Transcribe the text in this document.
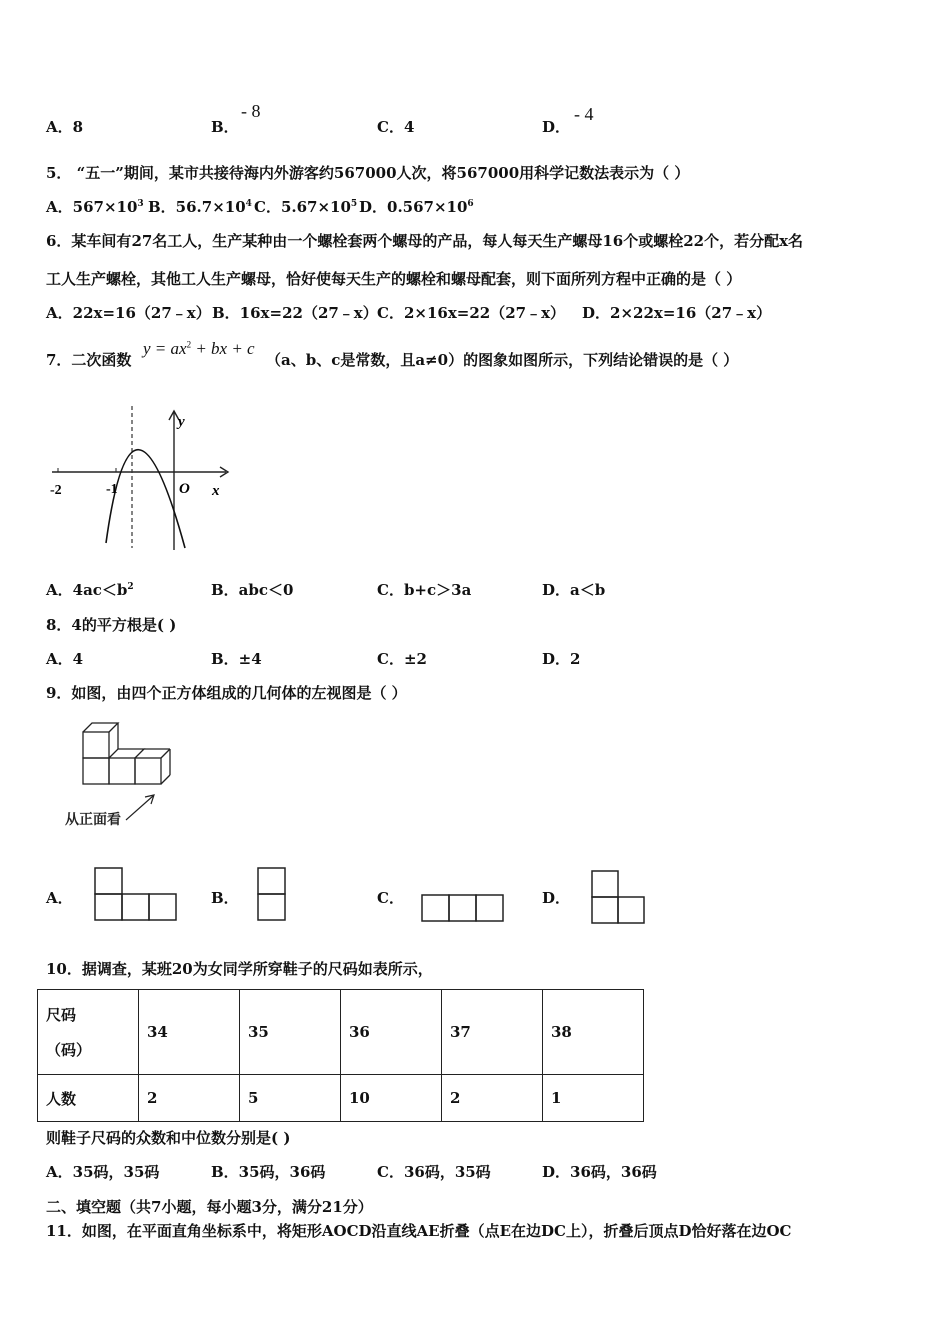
A．8	B．
- 8
C．4	D．
- 4
5． “五一”期间，某市共接待海内外游客约567000人次，将567000用科学记数法表示为（ ）
A．$567\times 10^3$ B．$56.7\times 10^4$ C．$5.67\times 10^5$ D．$0.567\times 10^6$
6．某车间有27名工人，生产某种由一个螺栓套两个螺母的产品，每人每天生产螺母16个或螺栓22个，若分配x名
工人生产螺栓，其他工人生产螺母，恰好使每天生产的螺栓和螺母配套，则下面所列方程中正确的是（ ）
A．22x=16（27﹣x） B．16x=22（27﹣x） C．2×16x=22（27﹣x） D．2×22x=16（27﹣x）
7．二次函数
$y = ax^2$ + bx + c
（a、b、c是常数，且a≠0）的图象如图所示，下列结论错误的是（ ）
y
x
O
-2	-1
A．$4ac<b^2$	B．abc＜0	C．b+c＞3a	D．a＜b
8．4的平方根是( )
A．4	B．±4	C．±2	D．2
9．如图，由四个正方体组成的几何体的左视图是（ ）
从正面看
A．	B．	C．	D．
10．据调查，某班20为女同学所穿鞋子的尺码如表所示，
尺码
（码）	34	35	36	37	38
人数	2	5	10	2	1
则鞋子尺码的众数和中位数分别是( )
A．35码，35码	B．35码，36码	C．36码，35码	D．36码，36码
二、填空题（共7小题，每小题3分，满分21分）
11．如图，在平面直角坐标系中，将矩形AOCD沿直线AE折叠（点E在边DC上），折叠后顶点D恰好落在边OC
